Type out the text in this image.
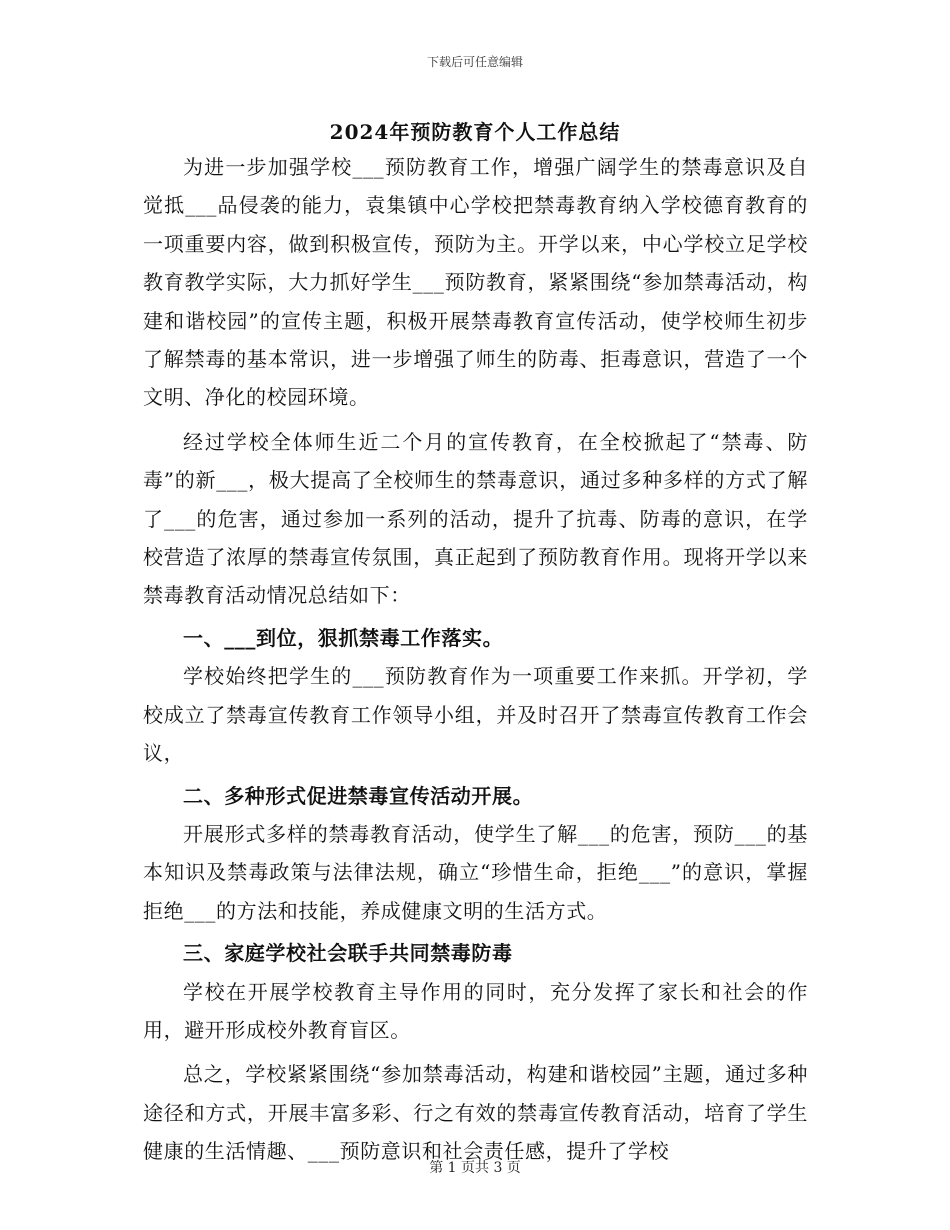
下载后可任意编辑
2024年预防教育个人工作总结

为进一步加强学校___预防教育工作，增强广阔学生的禁毒意识及自觉抵___品侵袭的能力，袁集镇中心学校把禁毒教育纳入学校德育教育的一项重要内容，做到积极宣传，预防为主。开学以来，中心学校立足学校教育教学实际，大力抓好学生___预防教育，紧紧围绕“参加禁毒活动，构建和谐校园”的宣传主题，积极开展禁毒教育宣传活动，使学校师生初步了解禁毒的基本常识，进一步增强了师生的防毒、拒毒意识，营造了一个文明、净化的校园环境。

经过学校全体师生近二个月的宣传教育，在全校掀起了“禁毒、防毒”的新___，极大提高了全校师生的禁毒意识，通过多种多样的方式了解了___的危害，通过参加一系列的活动，提升了抗毒、防毒的意识，在学校营造了浓厚的禁毒宣传氛围，真正起到了预防教育作用。现将开学以来禁毒教育活动情况总结如下：

一、___到位，狠抓禁毒工作落实。

学校始终把学生的___预防教育作为一项重要工作来抓。开学初，学校成立了禁毒宣传教育工作领导小组，并及时召开了禁毒宣传教育工作会议，

二、多种形式促进禁毒宣传活动开展。

开展形式多样的禁毒教育活动，使学生了解___的危害，预防___的基本知识及禁毒政策与法律法规，确立“珍惜生命，拒绝___”的意识，掌握拒绝___的方法和技能，养成健康文明的生活方式。

三、家庭学校社会联手共同禁毒防毒

学校在开展学校教育主导作用的同时，充分发挥了家长和社会的作用，避开形成校外教育盲区。

总之，学校紧紧围绕“参加禁毒活动，构建和谐校园”主题，通过多种途径和方式，开展丰富多彩、行之有效的禁毒宣传教育活动，培育了学生健康的生活情趣、___预防意识和社会责任感，提升了学校

第 1 页共 3 页
